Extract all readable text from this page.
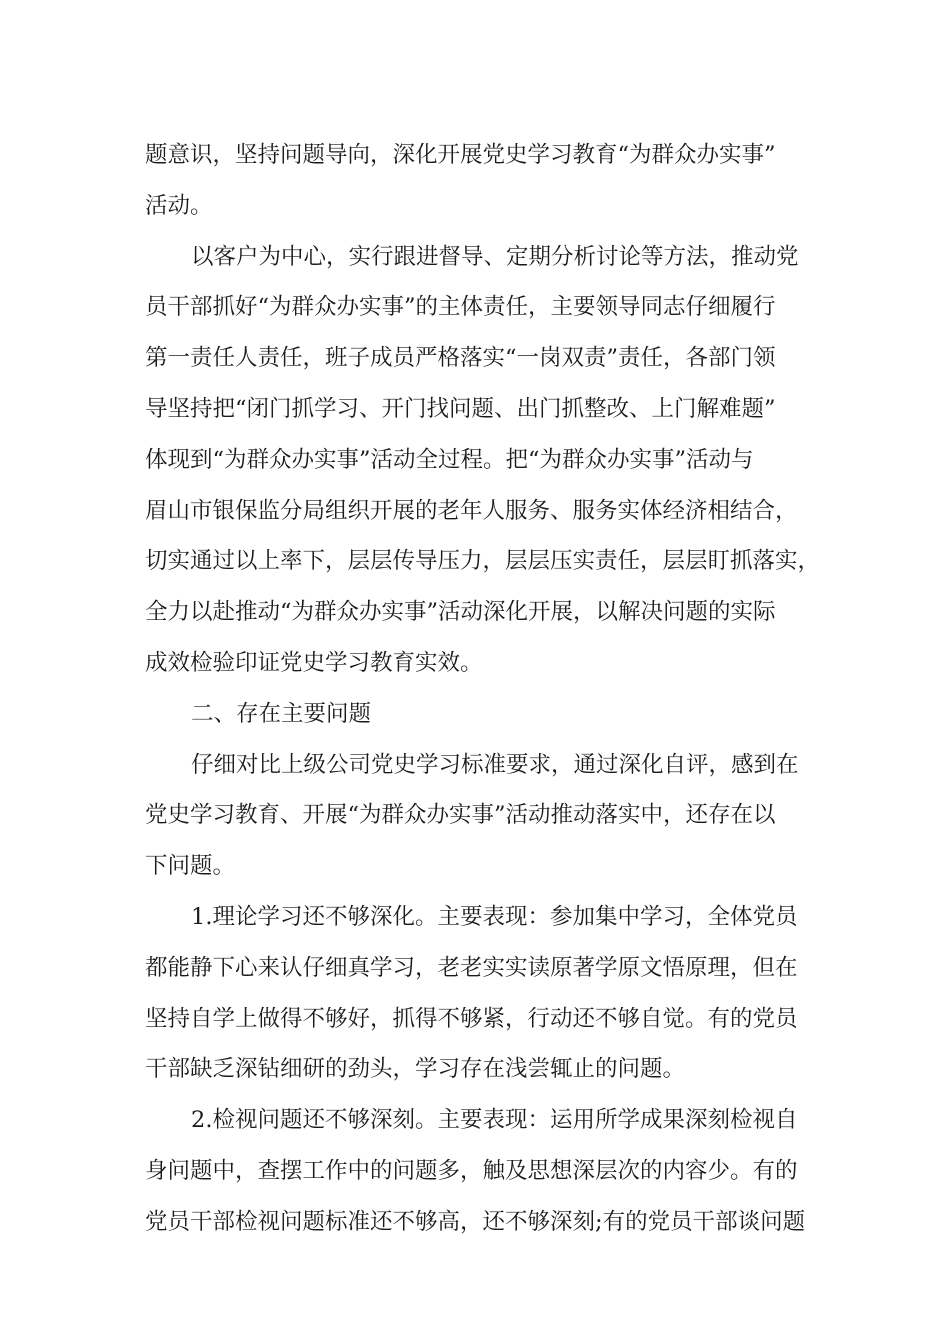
题意识，坚持问题导向，深化开展党史学习教育“为群众办实事”
活动。
以客户为中心，实行跟进督导、定期分析讨论等方法，推动党
员干部抓好“为群众办实事”的主体责任，主要领导同志仔细履行
第一责任人责任，班子成员严格落实“一岗双责”责任，各部门领
导坚持把“闭门抓学习、开门找问题、出门抓整改、上门解难题”
体现到“为群众办实事”活动全过程。把“为群众办实事”活动与
眉山市银保监分局组织开展的老年人服务、服务实体经济相结合，
切实通过以上率下，层层传导压力，层层压实责任，层层盯抓落实，
全力以赴推动“为群众办实事”活动深化开展，以解决问题的实际
成效检验印证党史学习教育实效。
二、存在主要问题
仔细对比上级公司党史学习标准要求，通过深化自评，感到在
党史学习教育、开展“为群众办实事”活动推动落实中，还存在以
下问题。
1.理论学习还不够深化。主要表现：参加集中学习，全体党员
都能静下心来认仔细真学习，老老实实读原著学原文悟原理，但在
坚持自学上做得不够好，抓得不够紧，行动还不够自觉。有的党员
干部缺乏深钻细研的劲头，学习存在浅尝辄止的问题。
2.检视问题还不够深刻。主要表现：运用所学成果深刻检视自
身问题中，查摆工作中的问题多，触及思想深层次的内容少。有的
党员干部检视问题标准还不够高，还不够深刻;有的党员干部谈问题
